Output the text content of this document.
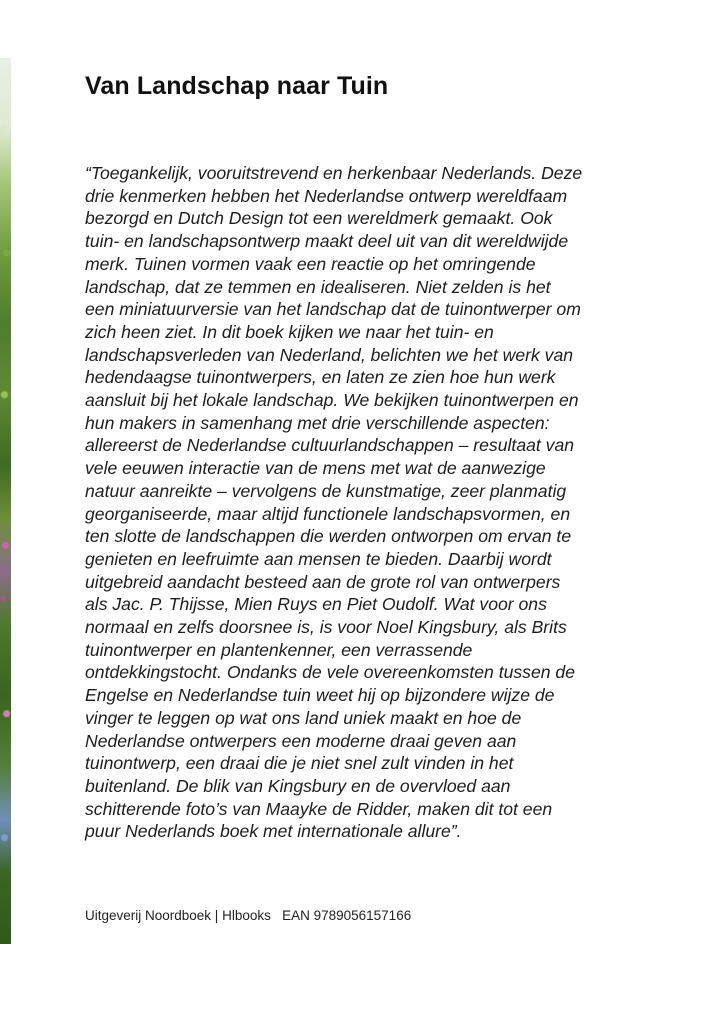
Van Landschap naar Tuin
“Toegankelijk, vooruitstrevend en herkenbaar Nederlands. Deze
drie kenmerken hebben het Nederlandse ontwerp wereldfaam
bezorgd en Dutch Design tot een wereldmerk gemaakt. Ook
tuin- en landschapsontwerp maakt deel uit van dit wereldwijde
merk. Tuinen vormen vaak een reactie op het omringende
landschap, dat ze temmen en idealiseren. Niet zelden is het
een miniatuurversie van het landschap dat de tuinontwerper om
zich heen ziet. In dit boek kijken we naar het tuin- en
landschapsverleden van Nederland, belichten we het werk van
hedendaagse tuinontwerpers, en laten ze zien hoe hun werk
aansluit bij het lokale landschap. We bekijken tuinontwerpen en
hun makers in samenhang met drie verschillende aspecten:
allereerst de Nederlandse cultuurlandschappen – resultaat van
vele eeuwen interactie van de mens met wat de aanwezige
natuur aanreikte – vervolgens de kunstmatige, zeer planmatig
georganiseerde, maar altijd functionele landschapsvormen, en
ten slotte de landschappen die werden ontworpen om ervan te
genieten en leefruimte aan mensen te bieden. Daarbij wordt
uitgebreid aandacht besteed aan de grote rol van ontwerpers
als Jac. P. Thijsse, Mien Ruys en Piet Oudolf. Wat voor ons
normaal en zelfs doorsnee is, is voor Noel Kingsbury, als Brits
tuinontwerper en plantenkenner, een verrassende
ontdekkingstocht. Ondanks de vele overeenkomsten tussen de
Engelse en Nederlandse tuin weet hij op bijzondere wijze de
vinger te leggen op wat ons land uniek maakt en hoe de
Nederlandse ontwerpers een moderne draai geven aan
tuinontwerp, een draai die je niet snel zult vinden in het
buitenland. De blik van Kingsbury en de overvloed aan
schitterende foto’s van Maayke de Ridder, maken dit tot een
puur Nederlands boek met internationale allure”.

Uitgeverij Noordboek | Hlbooks   EAN 9789056157166
